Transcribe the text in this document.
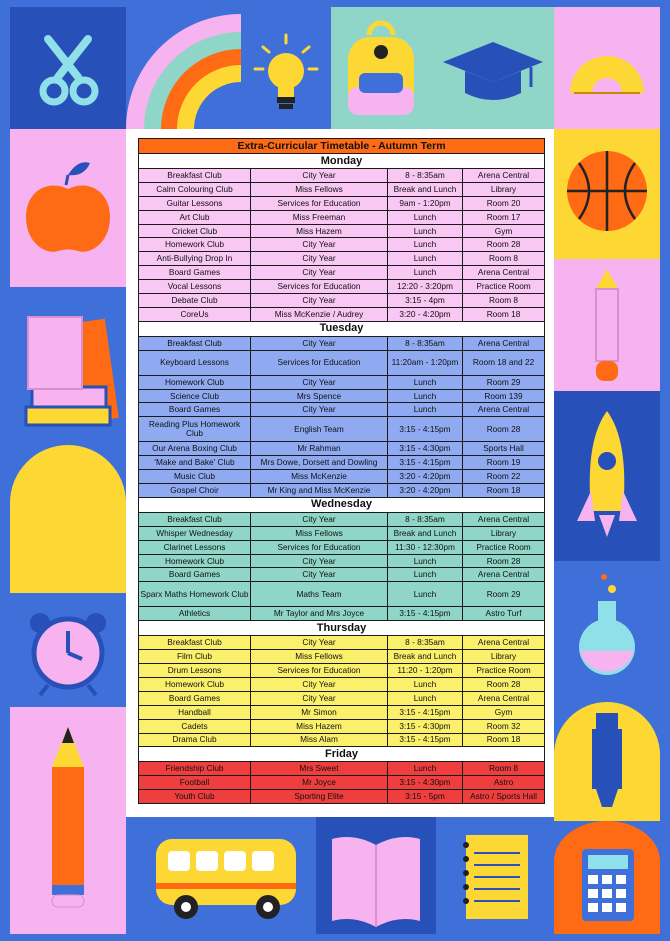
Extra-Curricular Timetable - Autumn Term			
Monday			
Breakfast Club	City Year	8 - 8:35am	Arena Central
Calm Colouring Club	Miss Fellows	Break and Lunch	Library
Guitar Lessons	Services for Education	9am - 1:20pm	Room 20
Art Club	Miss Freeman	Lunch	Room 17
Cricket Club	Miss Hazem	Lunch	Gym
Homework Club	City Year	Lunch	Room 28
Anti-Bullying Drop In	City Year	Lunch	Room 8
Board Games	City Year	Lunch	Arena Central
Vocal Lessons	Services for Education	12:20 - 3:20pm	Practice Room
Debate Club	City Year	3:15 - 4pm	Room 8
CoreUs	Miss McKenzie / Audrey	3:20 - 4:20pm	Room 18
Tuesday			
Breakfast Club	City Year	8 - 8:35am	Arena Central
Keyboard Lessons	Services for Education	11:20am - 1:20pm	Room 18 and 22
Homework Club	City Year	Lunch	Room 29
Science Club	Mrs Spence	Lunch	Room 139
Board Games	City Year	Lunch	Arena Central
Reading Plus Homework Club	English Team	3:15 - 4:15pm	Room 28
Our Arena Boxing Club	Mr Rahman	3:15 - 4:30pm	Sports Hall
'Make and Bake' Club	Mrs Dowe, Dorsett and Dowling	3:15 - 4:15pm	Room 19
Music Club	Miss McKenzie	3:20 - 4:20pm	Room 22
Gospel Choir	Mr King and Miss McKenzie	3:20 - 4:20pm	Room 18
Wednesday			
Breakfast Club	City Year	8 - 8:35am	Arena Central
Whisper Wednesday	Miss Fellows	Break and Lunch	Library
Clarinet Lessons	Services for Education	11:30 - 12:30pm	Practice Room
Homework Club	City Year	Lunch	Room 28
Board Games	City Year	Lunch	Arena Central
Sparx Maths Homework Club	Maths Team	Lunch	Room 29
Athletics	Mr Taylor and Mrs Joyce	3:15 - 4:15pm	Astro Turf
Thursday			
Breakfast Club	City Year	8 - 8:35am	Arena Central
Film Club	Miss Fellows	Break and Lunch	Library
Drum Lessons	Services for Education	11:20 - 1:20pm	Practice Room
Homework Club	City Year	Lunch	Room 28
Board Games	City Year	Lunch	Arena Central
Handball	Mr Simon	3:15 - 4:15pm	Gym
Cadets	Miss Hazem	3:15 - 4:30pm	Room 32
Drama Club	Miss Alam	3:15 - 4:15pm	Room 18
Friday			
Friendship Club	Mrs Sweet	Lunch	Room 8
Football	Mr Joyce	3:15 - 4:30pm	Astro
Youth Club	Sporting Elite	3:15 - 5pm	Astro / Sports Hall
